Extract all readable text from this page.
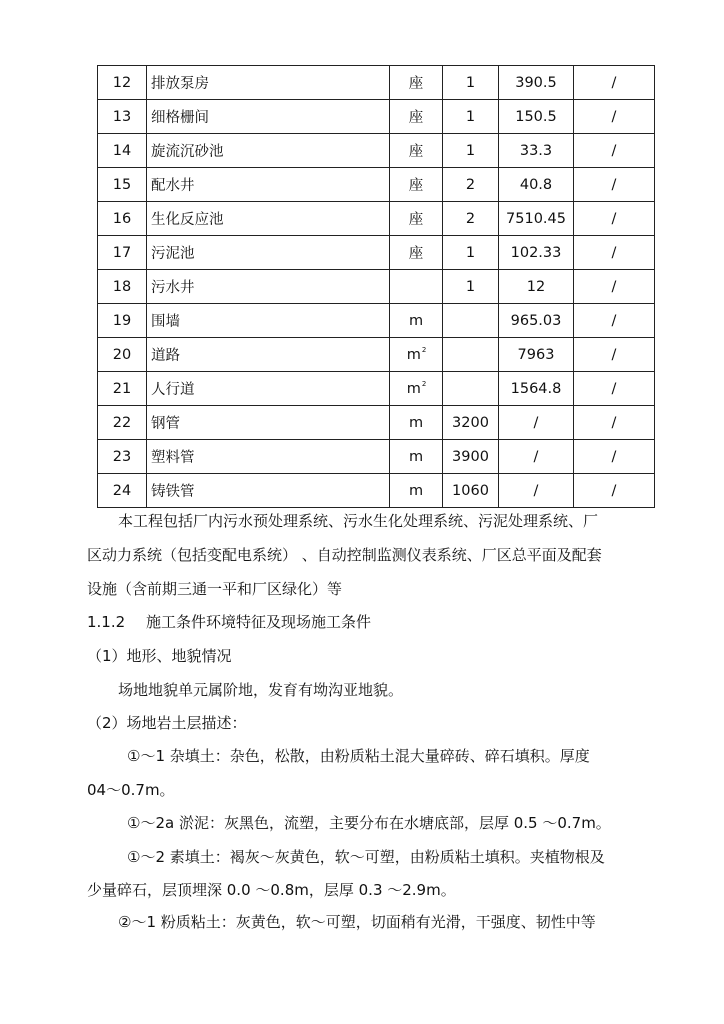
12	排放泵房	座	1	390.5	/
13	细格栅间	座	1	150.5	/
14	旋流沉砂池	座	1	33.3	/
15	配水井	座	2	40.8	/
16	生化反应池	座	2	7510.45	/
17	污泥池	座	1	102.33	/
18	污水井		1	12	/
19	围墙	m		965.03	/
20	道路	$m^2$		7963	/
21	人行道	$m^2$		1564.8	/
22	钢管	m	3200	/	/
23	塑料管	m	3900	/	/
24	铸铁管	m	1060	/	/

本工程包括厂内污水预处理系统、污水生化处理系统、污泥处理系统、厂

区动力系统（包括变配电系统） 、自动控制监测仪表系统、厂区总平面及配套

设施（含前期三通一平和厂区绿化）等

1.1.2 施工条件环境特征及现场施工条件

（1）地形、地貌情况

场地地貌单元属阶地，发育有坳沟亚地貌。

（2）场地岩土层描述：

①～1 杂填土：杂色，松散，由粉质粘土混大量碎砖、碎石填积。厚度

04～0.7m。

①～2a 淤泥：灰黑色，流塑，主要分布在水塘底部，层厚 0.5 ～0.7m。

①～2 素填土：褐灰～灰黄色，软～可塑，由粉质粘土填积。夹植物根及

少量碎石，层顶埋深 0.0 ～0.8m，层厚 0.3 ～2.9m。

②～1 粉质粘土：灰黄色，软～可塑，切面稍有光滑，干强度、韧性中等
